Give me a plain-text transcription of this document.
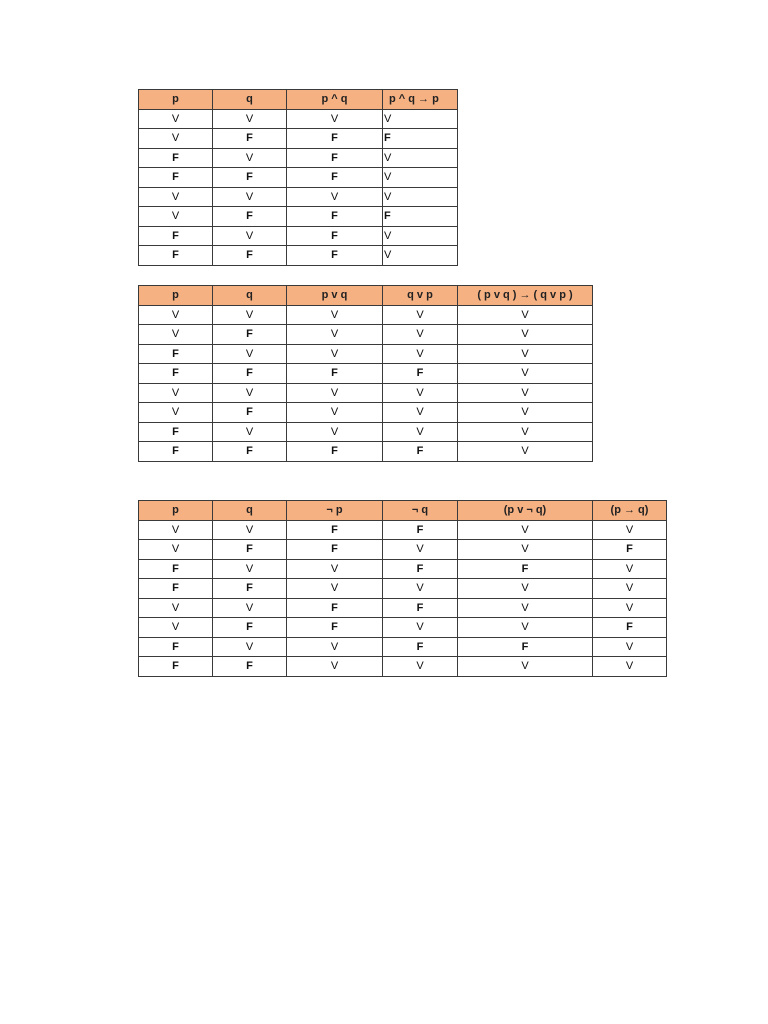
p	q	p ^ q	p ^ q → p
V	V	V	V
V	F	F	F
F	V	F	V
F	F	F	V
V	V	V	V
V	F	F	F
F	V	F	V
F	F	F	V
p	q	p v q	q v p	( p v q ) → ( q v p )
V	V	V	V	V
V	F	V	V	V
F	V	V	V	V
F	F	F	F	V
V	V	V	V	V
V	F	V	V	V
F	V	V	V	V
F	F	F	F	V
p	q	¬ p	¬ q	(p v ¬ q)	(p → q)
V	V	F	F	V	V
V	F	F	V	V	F
F	V	V	F	F	V
F	F	V	V	V	V
V	V	F	F	V	V
V	F	F	V	V	F
F	V	V	F	F	V
F	F	V	V	V	V
